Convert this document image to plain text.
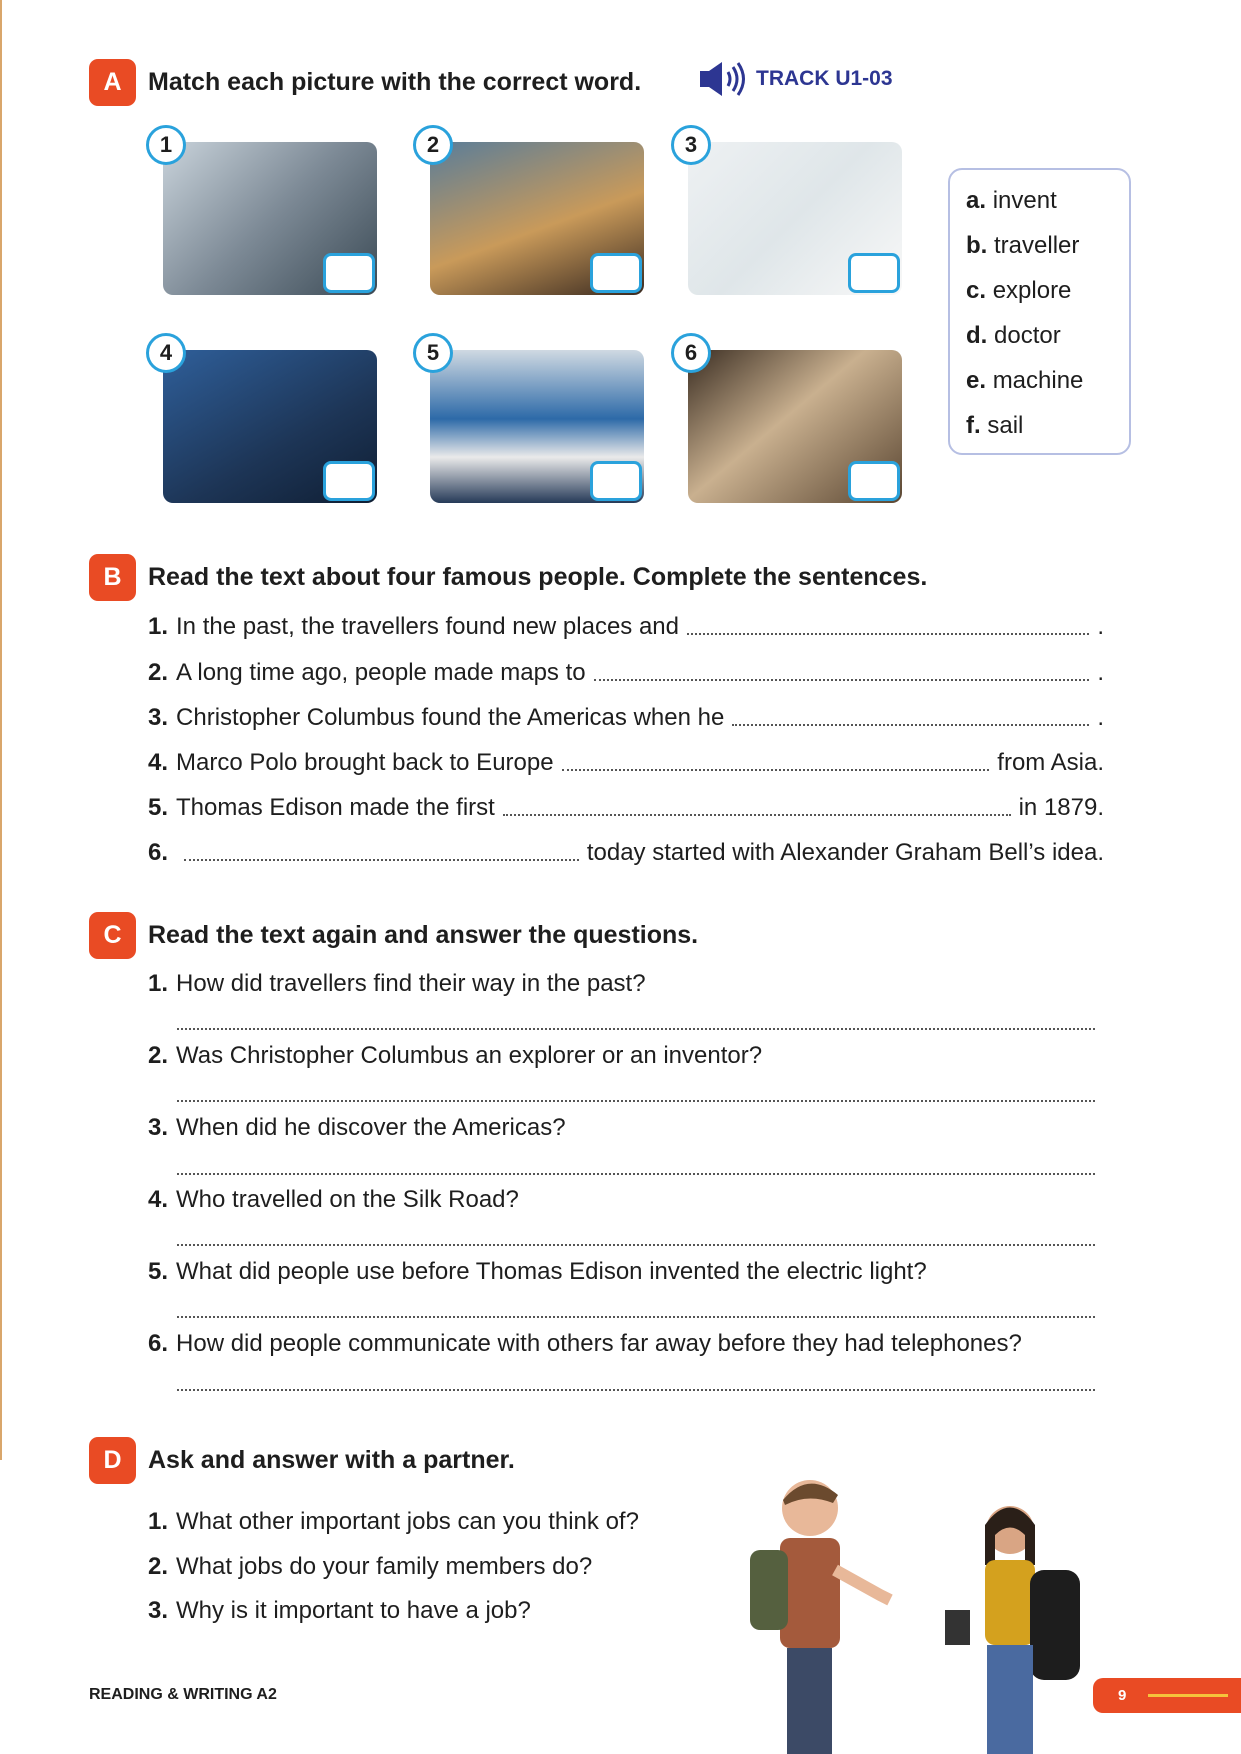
A	Match each picture with the correct word.	TRACK U1-03
1	2	3
4	5	6
a. invent
b. traveller
c. explore
d. doctor
e. machine
f. sail
B	Read the text about four famous people. Complete the sentences.
1. In the past, the travellers found new places and	.
2. A long time ago, people made maps to	.
3. Christopher Columbus found the Americas when he	.
4. Marco Polo brought back to Europe	from Asia.
5. Thomas Edison made the first	in 1879.
6.	today started with Alexander Graham Bell’s idea.
C	Read the text again and answer the questions.
1. How did travellers find their way in the past?
2. Was Christopher Columbus an explorer or an inventor?
3. When did he discover the Americas?
4. Who travelled on the Silk Road?
5. What did people use before Thomas Edison invented the electric light?
6. How did people communicate with others far away before they had telephones?
D	Ask and answer with a partner.
1. What other important jobs can you think of?
2. What jobs do your family members do?
3. Why is it important to have a job?
READING & WRITING A2	9
